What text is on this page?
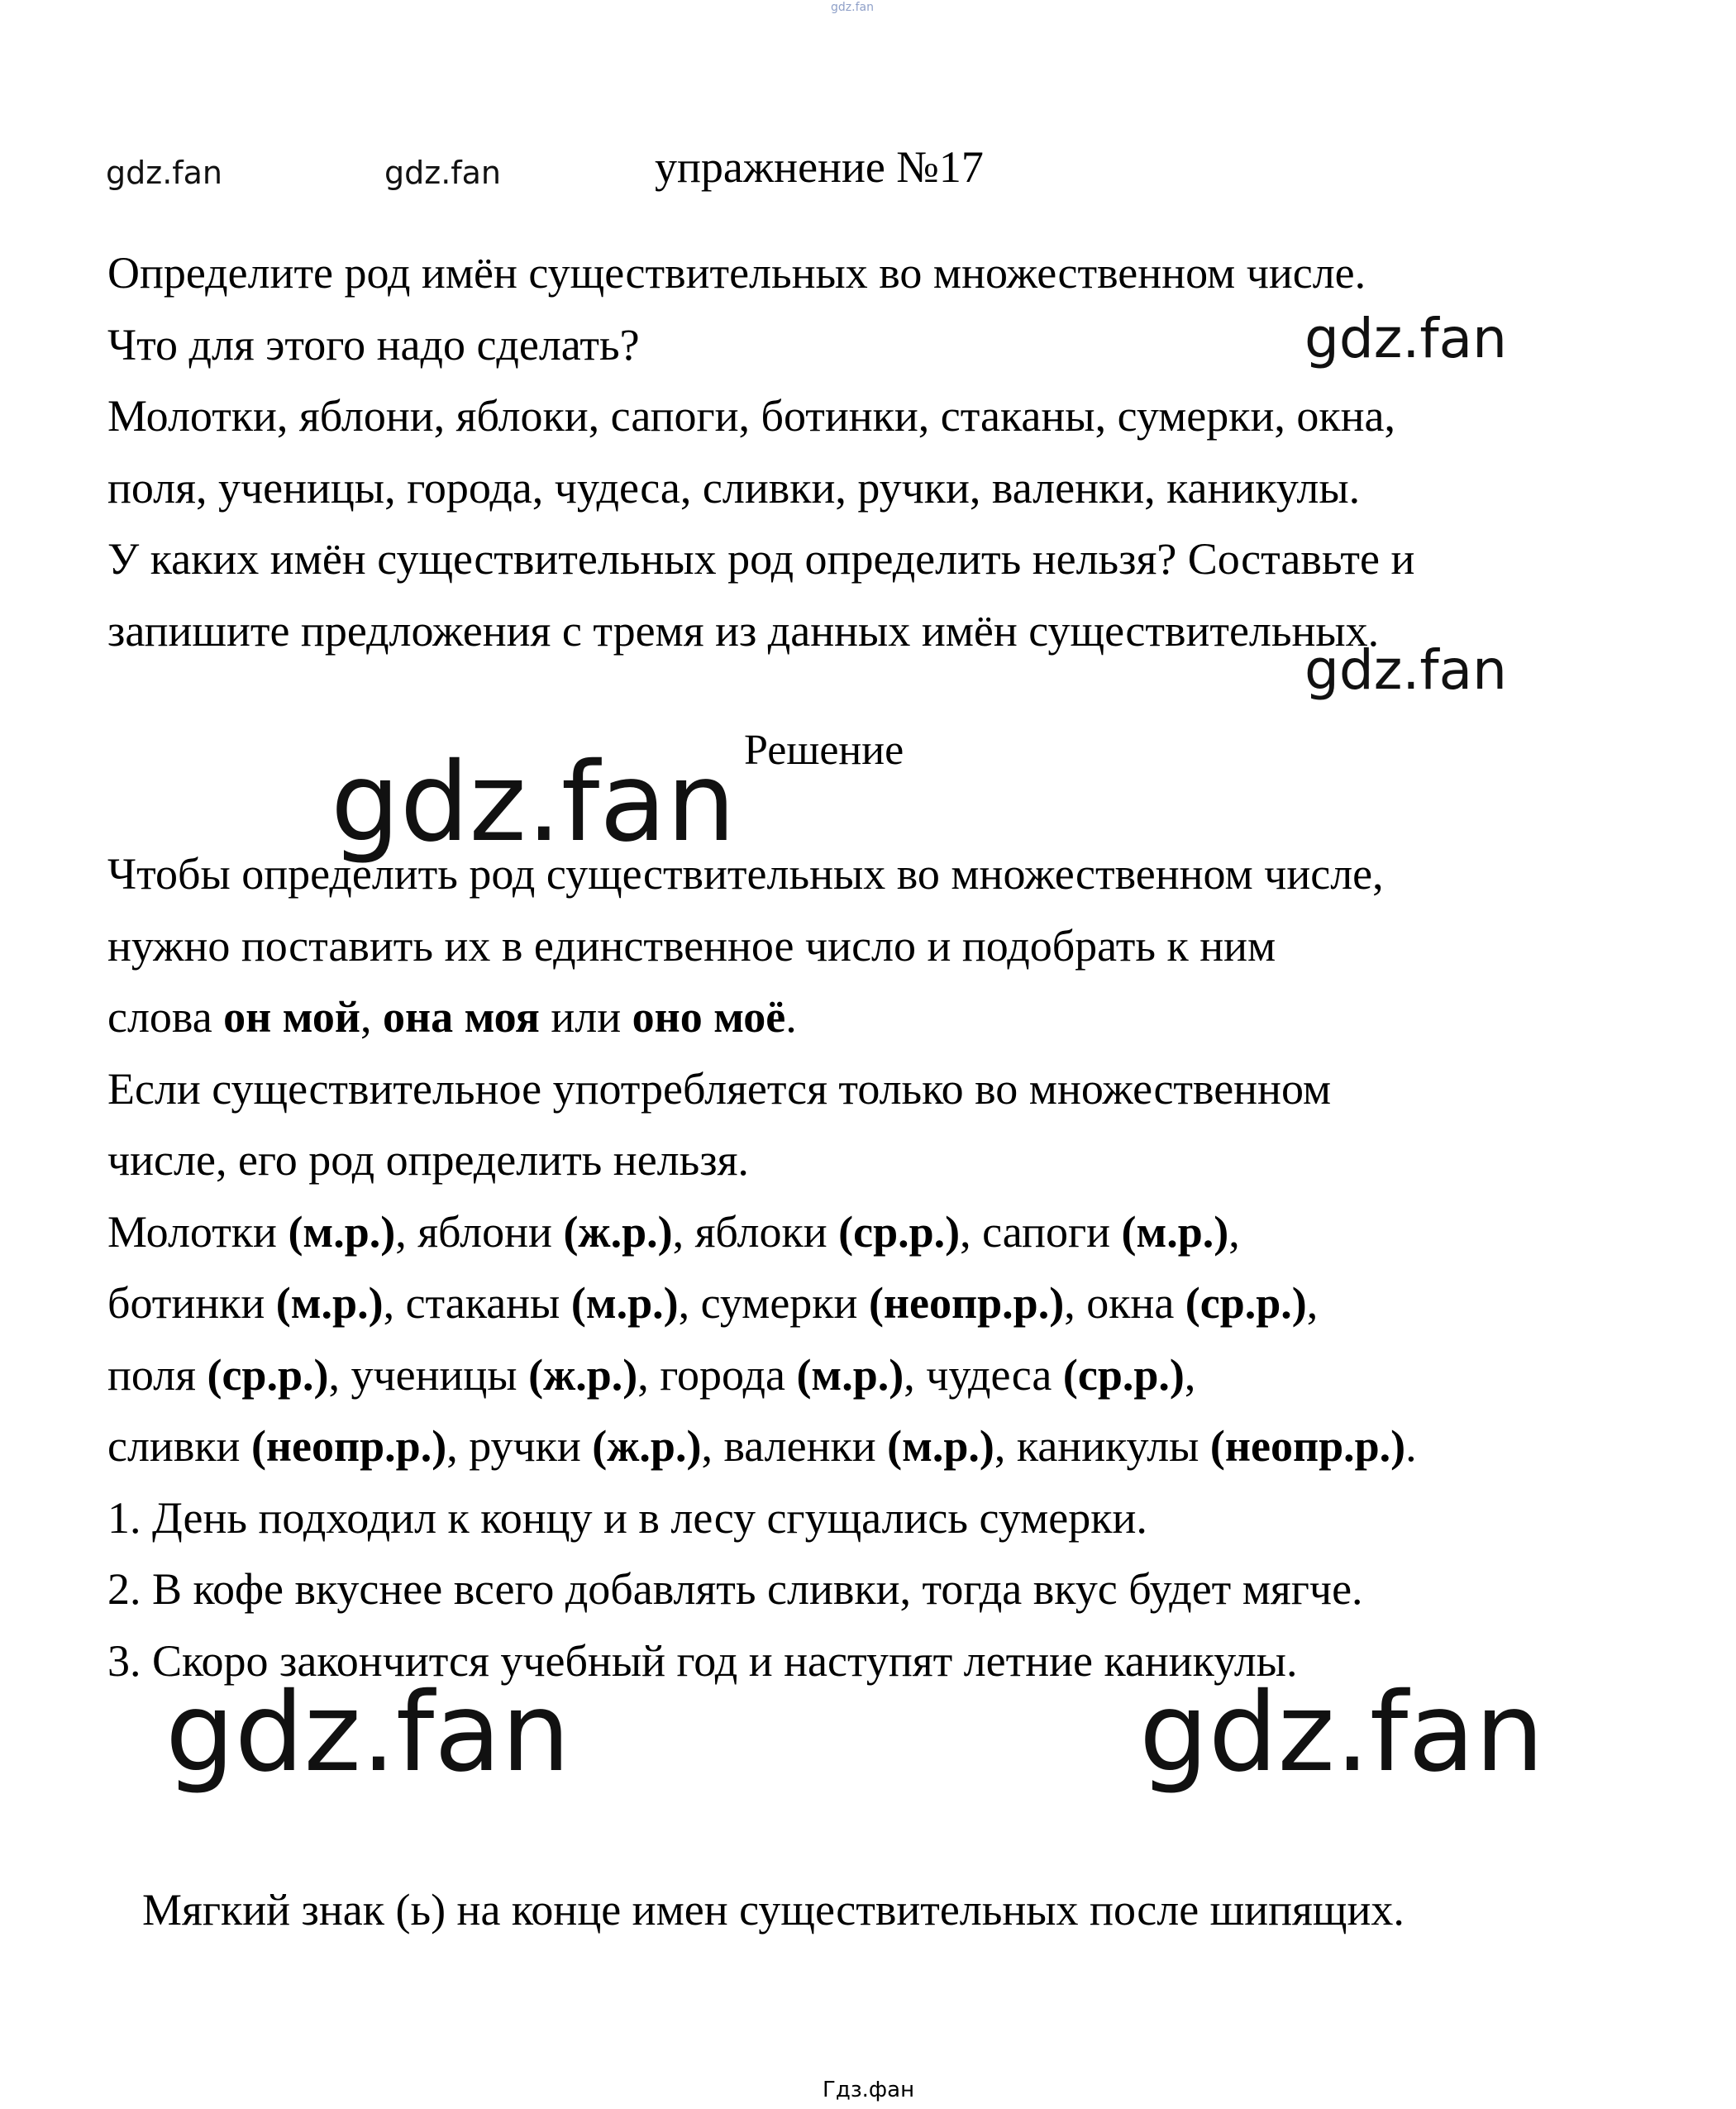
gdz.fan
gdz.fan	gdz.fan	упражнение №17
Определите род имён существительных во множественном числе.
Что для этого надо сделать?
Молотки, яблони, яблоки, сапоги, ботинки, стаканы, сумерки, окна,
поля, ученицы, города, чудеса, сливки, ручки, валенки, каникулы.
У каких имён существительных род определить нельзя? Составьте и
запишите предложения с тремя из данных имён существительных.
gdz.fan
gdz.fan
Решение
gdz.fan
Чтобы определить род существительных во множественном числе,
нужно поставить их в единственное число и подобрать к ним
слова он мой, она моя или оно моё.
Если существительное употребляется только во множественном
числе, его род определить нельзя.
Молотки (м.р.), яблони (ж.р.), яблоки (ср.р.), сапоги (м.р.),
ботинки (м.р.), стаканы (м.р.), сумерки (неопр.р.), окна (ср.р.),
поля (ср.р.), ученицы (ж.р.), города (м.р.), чудеса (ср.р.),
сливки (неопр.р.), ручки (ж.р.), валенки (м.р.), каникулы (неопр.р.).
1. День подходил к концу и в лесу сгущались сумерки.
2. В кофе вкуснее всего добавлять сливки, тогда вкус будет мягче.
3. Скоро закончится учебный год и наступят летние каникулы.
gdz.fan	gdz.fan
Мягкий знак (ь) на конце имен существительных после шипящих.
Гдз.фан
